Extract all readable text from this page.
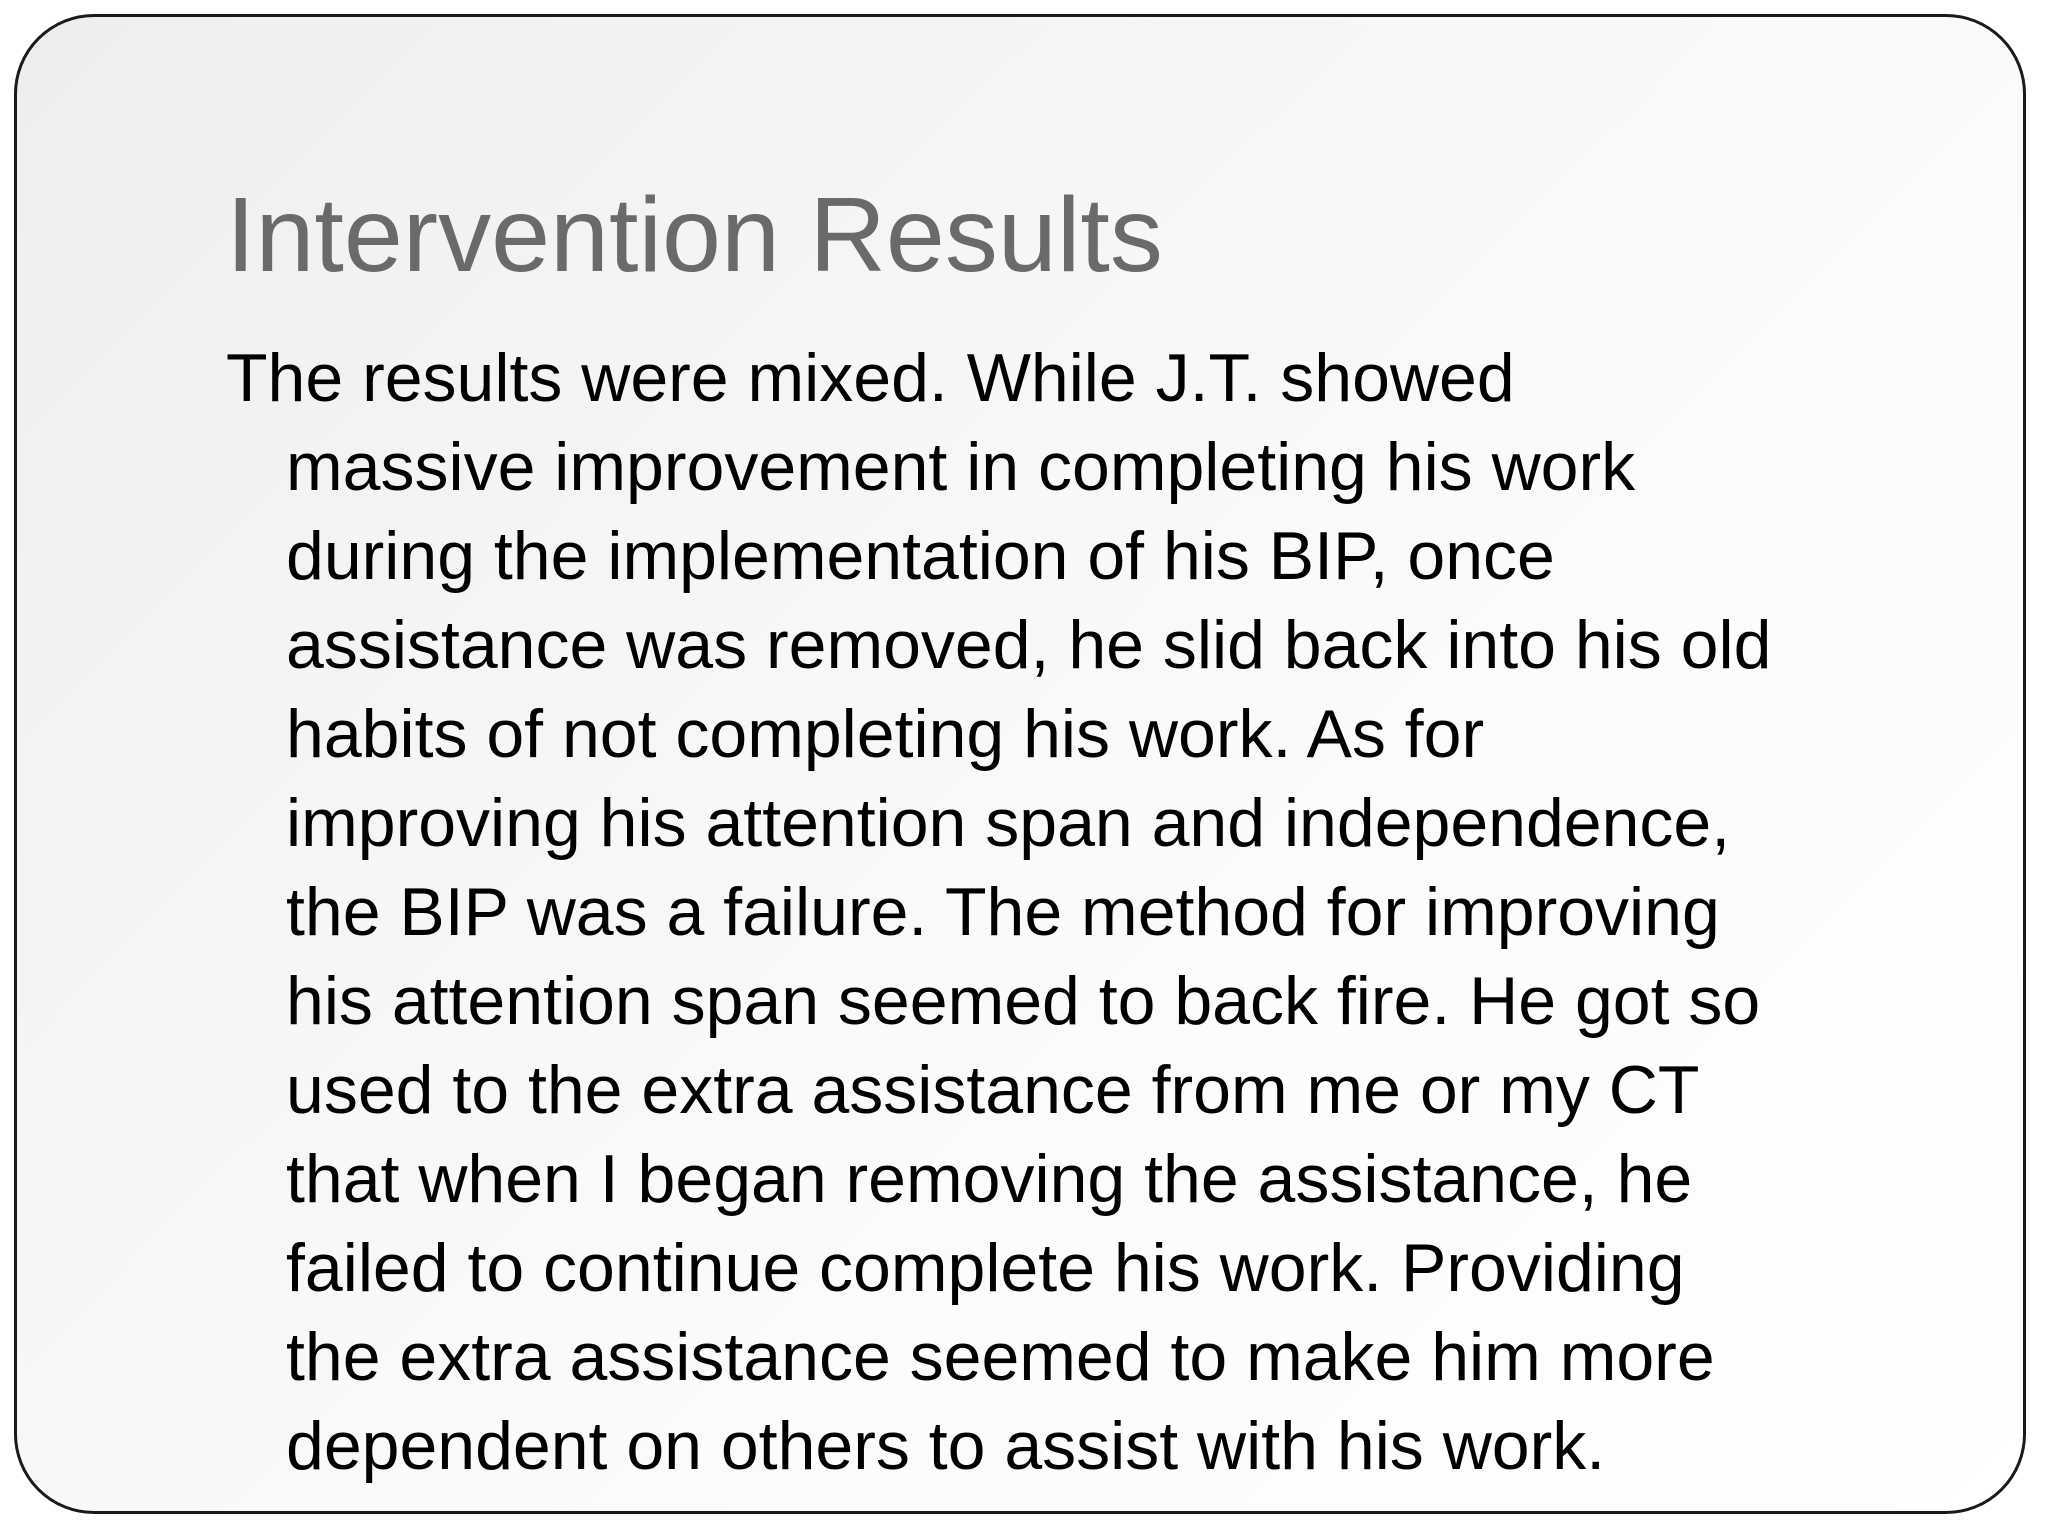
Intervention Results

The results were mixed. While J.T. showed
massive improvement in completing his work
during the implementation of his BIP, once
assistance was removed, he slid back into his old
habits of not completing his work. As for
improving his attention span and independence,
the BIP was a failure. The method for improving
his attention span seemed to back fire. He got so
used to the extra assistance from me or my CT
that when I began removing the assistance, he
failed to continue complete his work. Providing
the extra assistance seemed to make him more
dependent on others to assist with his work.
